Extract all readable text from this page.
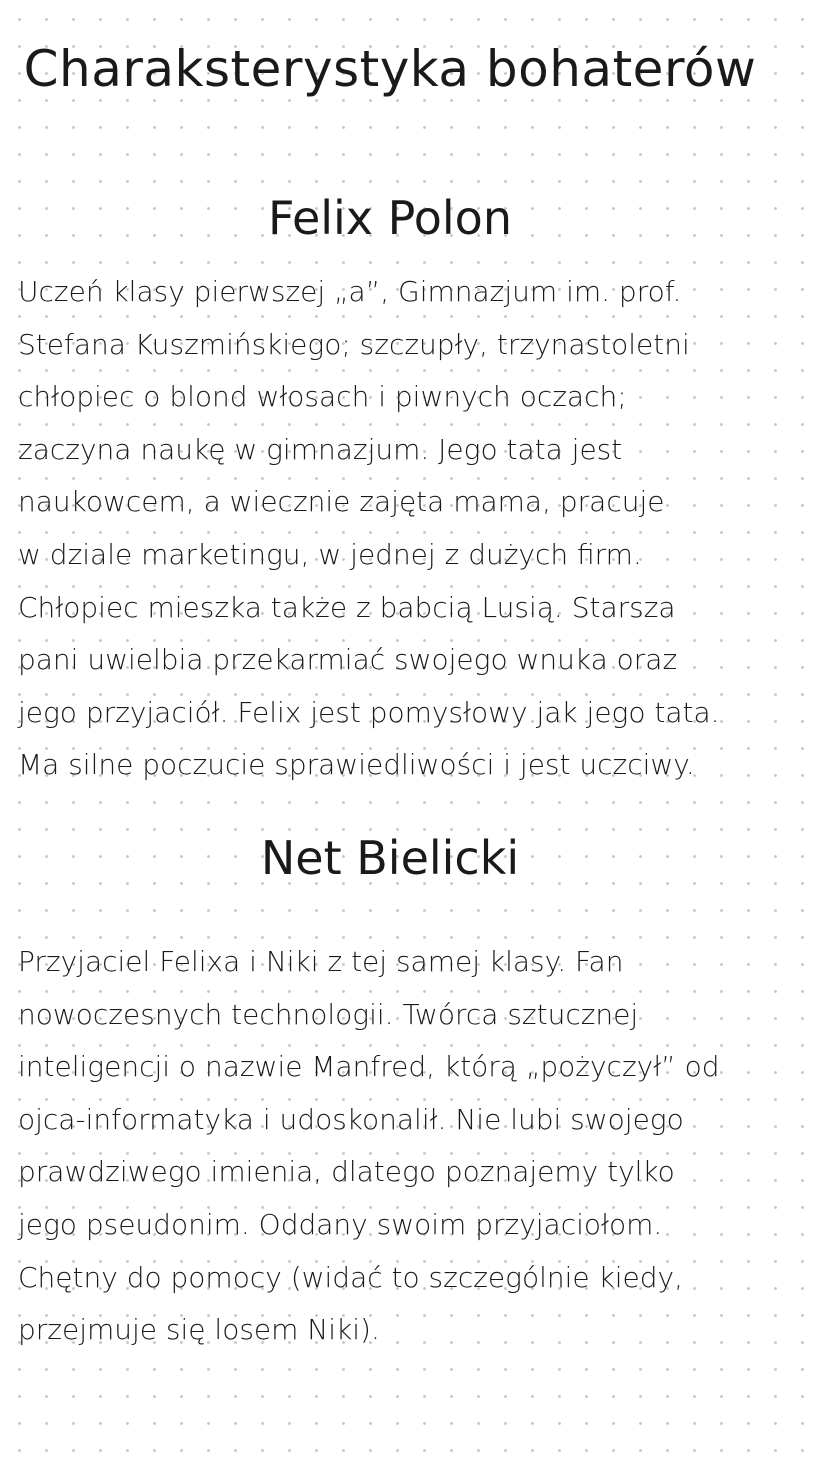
Charaksterystyka bohaterów
Felix Polon

Uczeń klasy pierwszej „a”, Gimnazjum im. prof.
Stefana Kuszmińskiego; szczupły, trzynastoletni
chłopiec o blond włosach i piwnych oczach;
zaczyna naukę w gimnazjum. Jego tata jest
naukowcem, a wiecznie zajęta mama, pracuje
w dziale marketingu, w jednej z dużych firm.
Chłopiec mieszka także z babcią Lusią. Starsza
pani uwielbia przekarmiać swojego wnuka oraz
jego przyjaciół. Felix jest pomysłowy jak jego tata.
Ma silne poczucie sprawiedliwości i jest uczciwy.

Net Bielicki

Przyjaciel Felixa i Niki z tej samej klasy. Fan
nowoczesnych technologii. Twórca sztucznej
inteligencji o nazwie Manfred, którą „pożyczył” od
ojca-informatyka i udoskonalił. Nie lubi swojego
prawdziwego imienia, dlatego poznajemy tylko
jego pseudonim. Oddany swoim przyjaciołom.
Chętny do pomocy (widać to szczególnie kiedy,
przejmuje się losem Niki).
